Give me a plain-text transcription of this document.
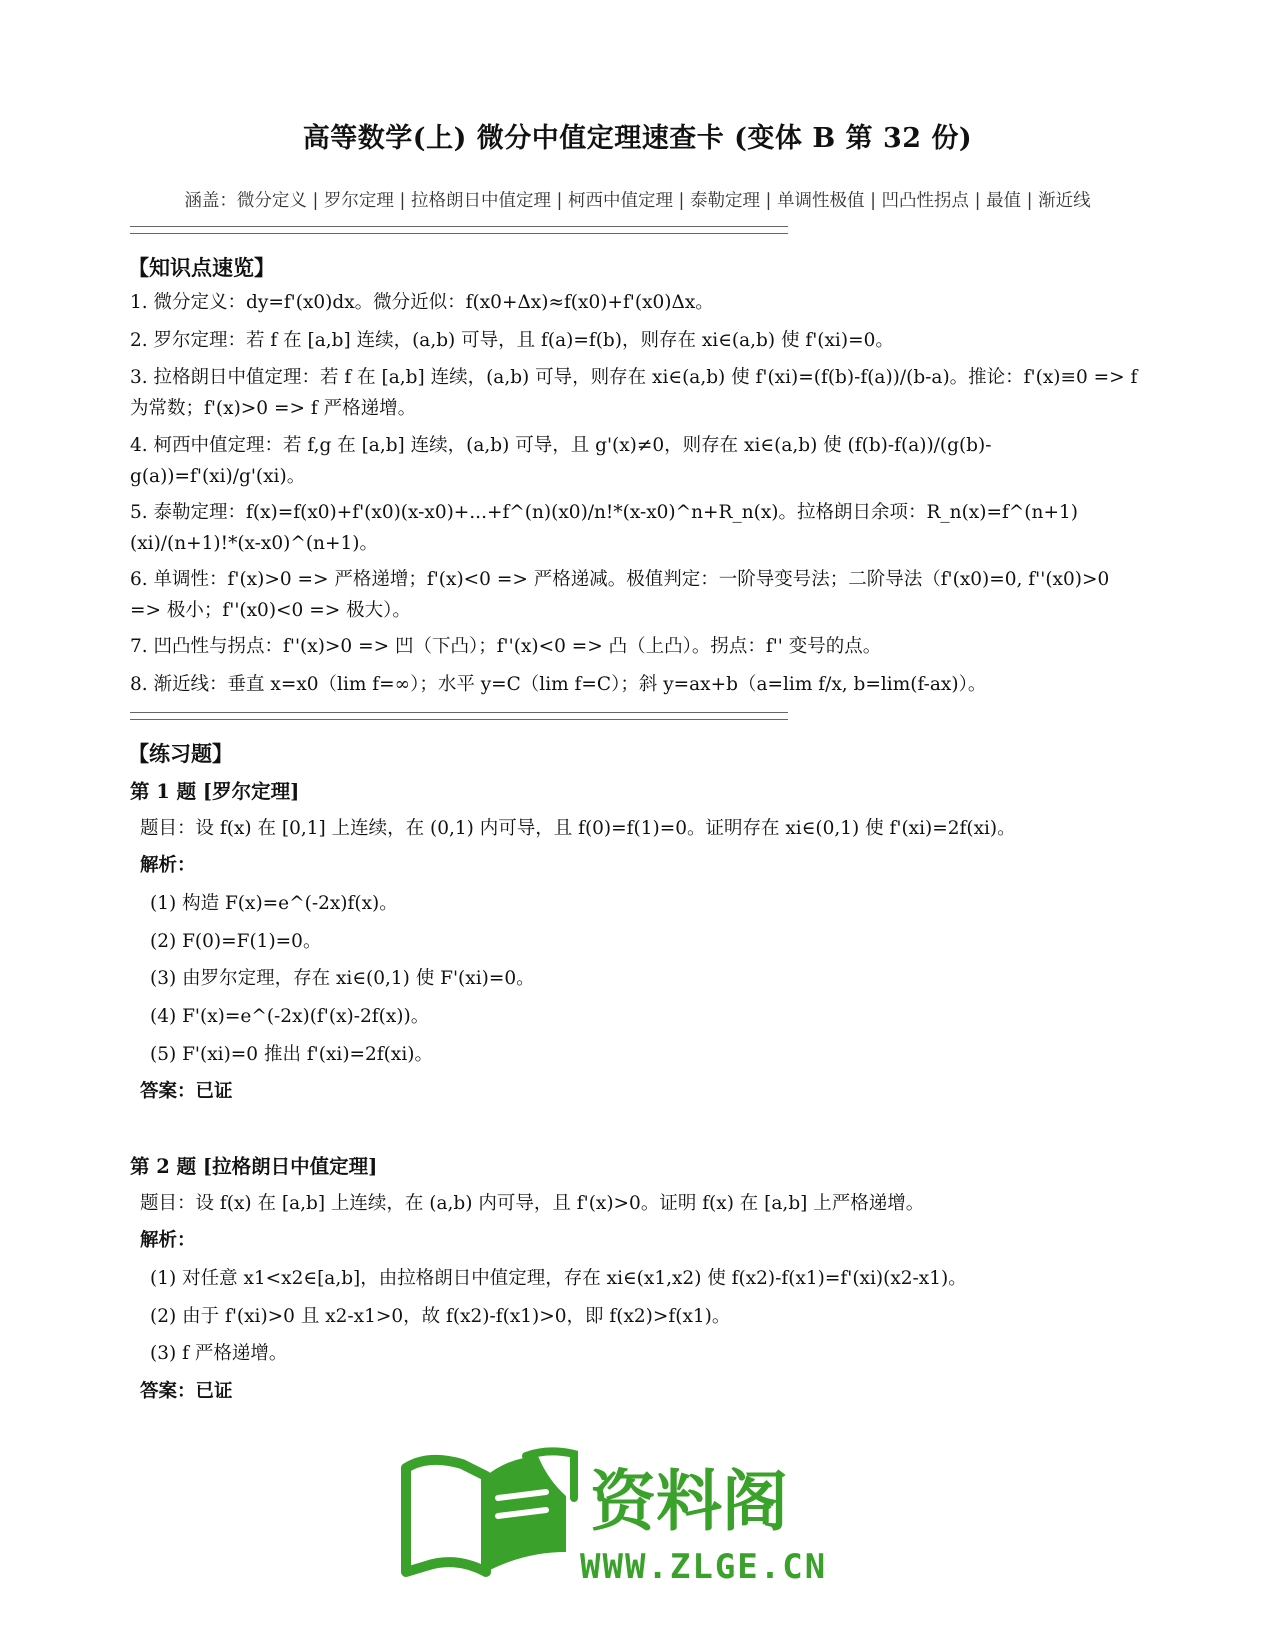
高等数学(上) 微分中值定理速查卡 (变体 B 第 32 份)
涵盖：微分定义 | 罗尔定理 | 拉格朗日中值定理 | 柯西中值定理 | 泰勒定理 | 单调性极值 | 凹凸性拐点 | 最值 | 渐近线
【知识点速览】
1. 微分定义：dy=f'(x0)dx。微分近似：f(x0+Δx)≈f(x0)+f'(x0)Δx。
2. 罗尔定理：若 f 在 [a,b] 连续，(a,b) 可导，且 f(a)=f(b)，则存在 xi∈(a,b) 使 f'(xi)=0。
3. 拉格朗日中值定理：若 f 在 [a,b] 连续，(a,b) 可导，则存在 xi∈(a,b) 使 f'(xi)=(f(b)-f(a))/(b-a)。推论：f'(x)≡0 => f 为常数；f'(x)>0 => f 严格递增。
4. 柯西中值定理：若 f,g 在 [a,b] 连续，(a,b) 可导，且 g'(x)≠0，则存在 xi∈(a,b) 使 (f(b)-f(a))/(g(b)-g(a))=f'(xi)/g'(xi)。
5. 泰勒定理：f(x)=f(x0)+f'(x0)(x-x0)+...+f^(n)(x0)/n!*(x-x0)^n+R_n(x)。拉格朗日余项：R_n(x)=f^(n+1)(xi)/(n+1)!*(x-x0)^(n+1)。
6. 单调性：f'(x)>0 => 严格递增；f'(x)<0 => 严格递减。极值判定：一阶导变号法；二阶导法（f'(x0)=0, f''(x0)>0 => 极小；f''(x0)<0 => 极大）。
7. 凹凸性与拐点：f''(x)>0 => 凹（下凸）；f''(x)<0 => 凸（上凸）。拐点：f'' 变号的点。
8. 渐近线：垂直 x=x0（lim f=∞）；水平 y=C（lim f=C）；斜 y=ax+b（a=lim f/x, b=lim(f-ax)）。
【练习题】
第 1 题 [罗尔定理]
题目：设 f(x) 在 [0,1] 上连续，在 (0,1) 内可导，且 f(0)=f(1)=0。证明存在 xi∈(0,1) 使 f'(xi)=2f(xi)。
解析：
(1) 构造 F(x)=e^(-2x)f(x)。
(2) F(0)=F(1)=0。
(3) 由罗尔定理，存在 xi∈(0,1) 使 F'(xi)=0。
(4) F'(x)=e^(-2x)(f'(x)-2f(x))。
(5) F'(xi)=0 推出 f'(xi)=2f(xi)。
答案：已证
第 2 题 [拉格朗日中值定理]
题目：设 f(x) 在 [a,b] 上连续，在 (a,b) 内可导，且 f'(x)>0。证明 f(x) 在 [a,b] 上严格递增。
解析：
(1) 对任意 x1<x2∈[a,b]，由拉格朗日中值定理，存在 xi∈(x1,x2) 使 f(x2)-f(x1)=f'(xi)(x2-x1)。
(2) 由于 f'(xi)>0 且 x2-x1>0，故 f(x2)-f(x1)>0，即 f(x2)>f(x1)。
(3) f 严格递增。
答案：已证
资料阁
WWW.ZLGE.CN
